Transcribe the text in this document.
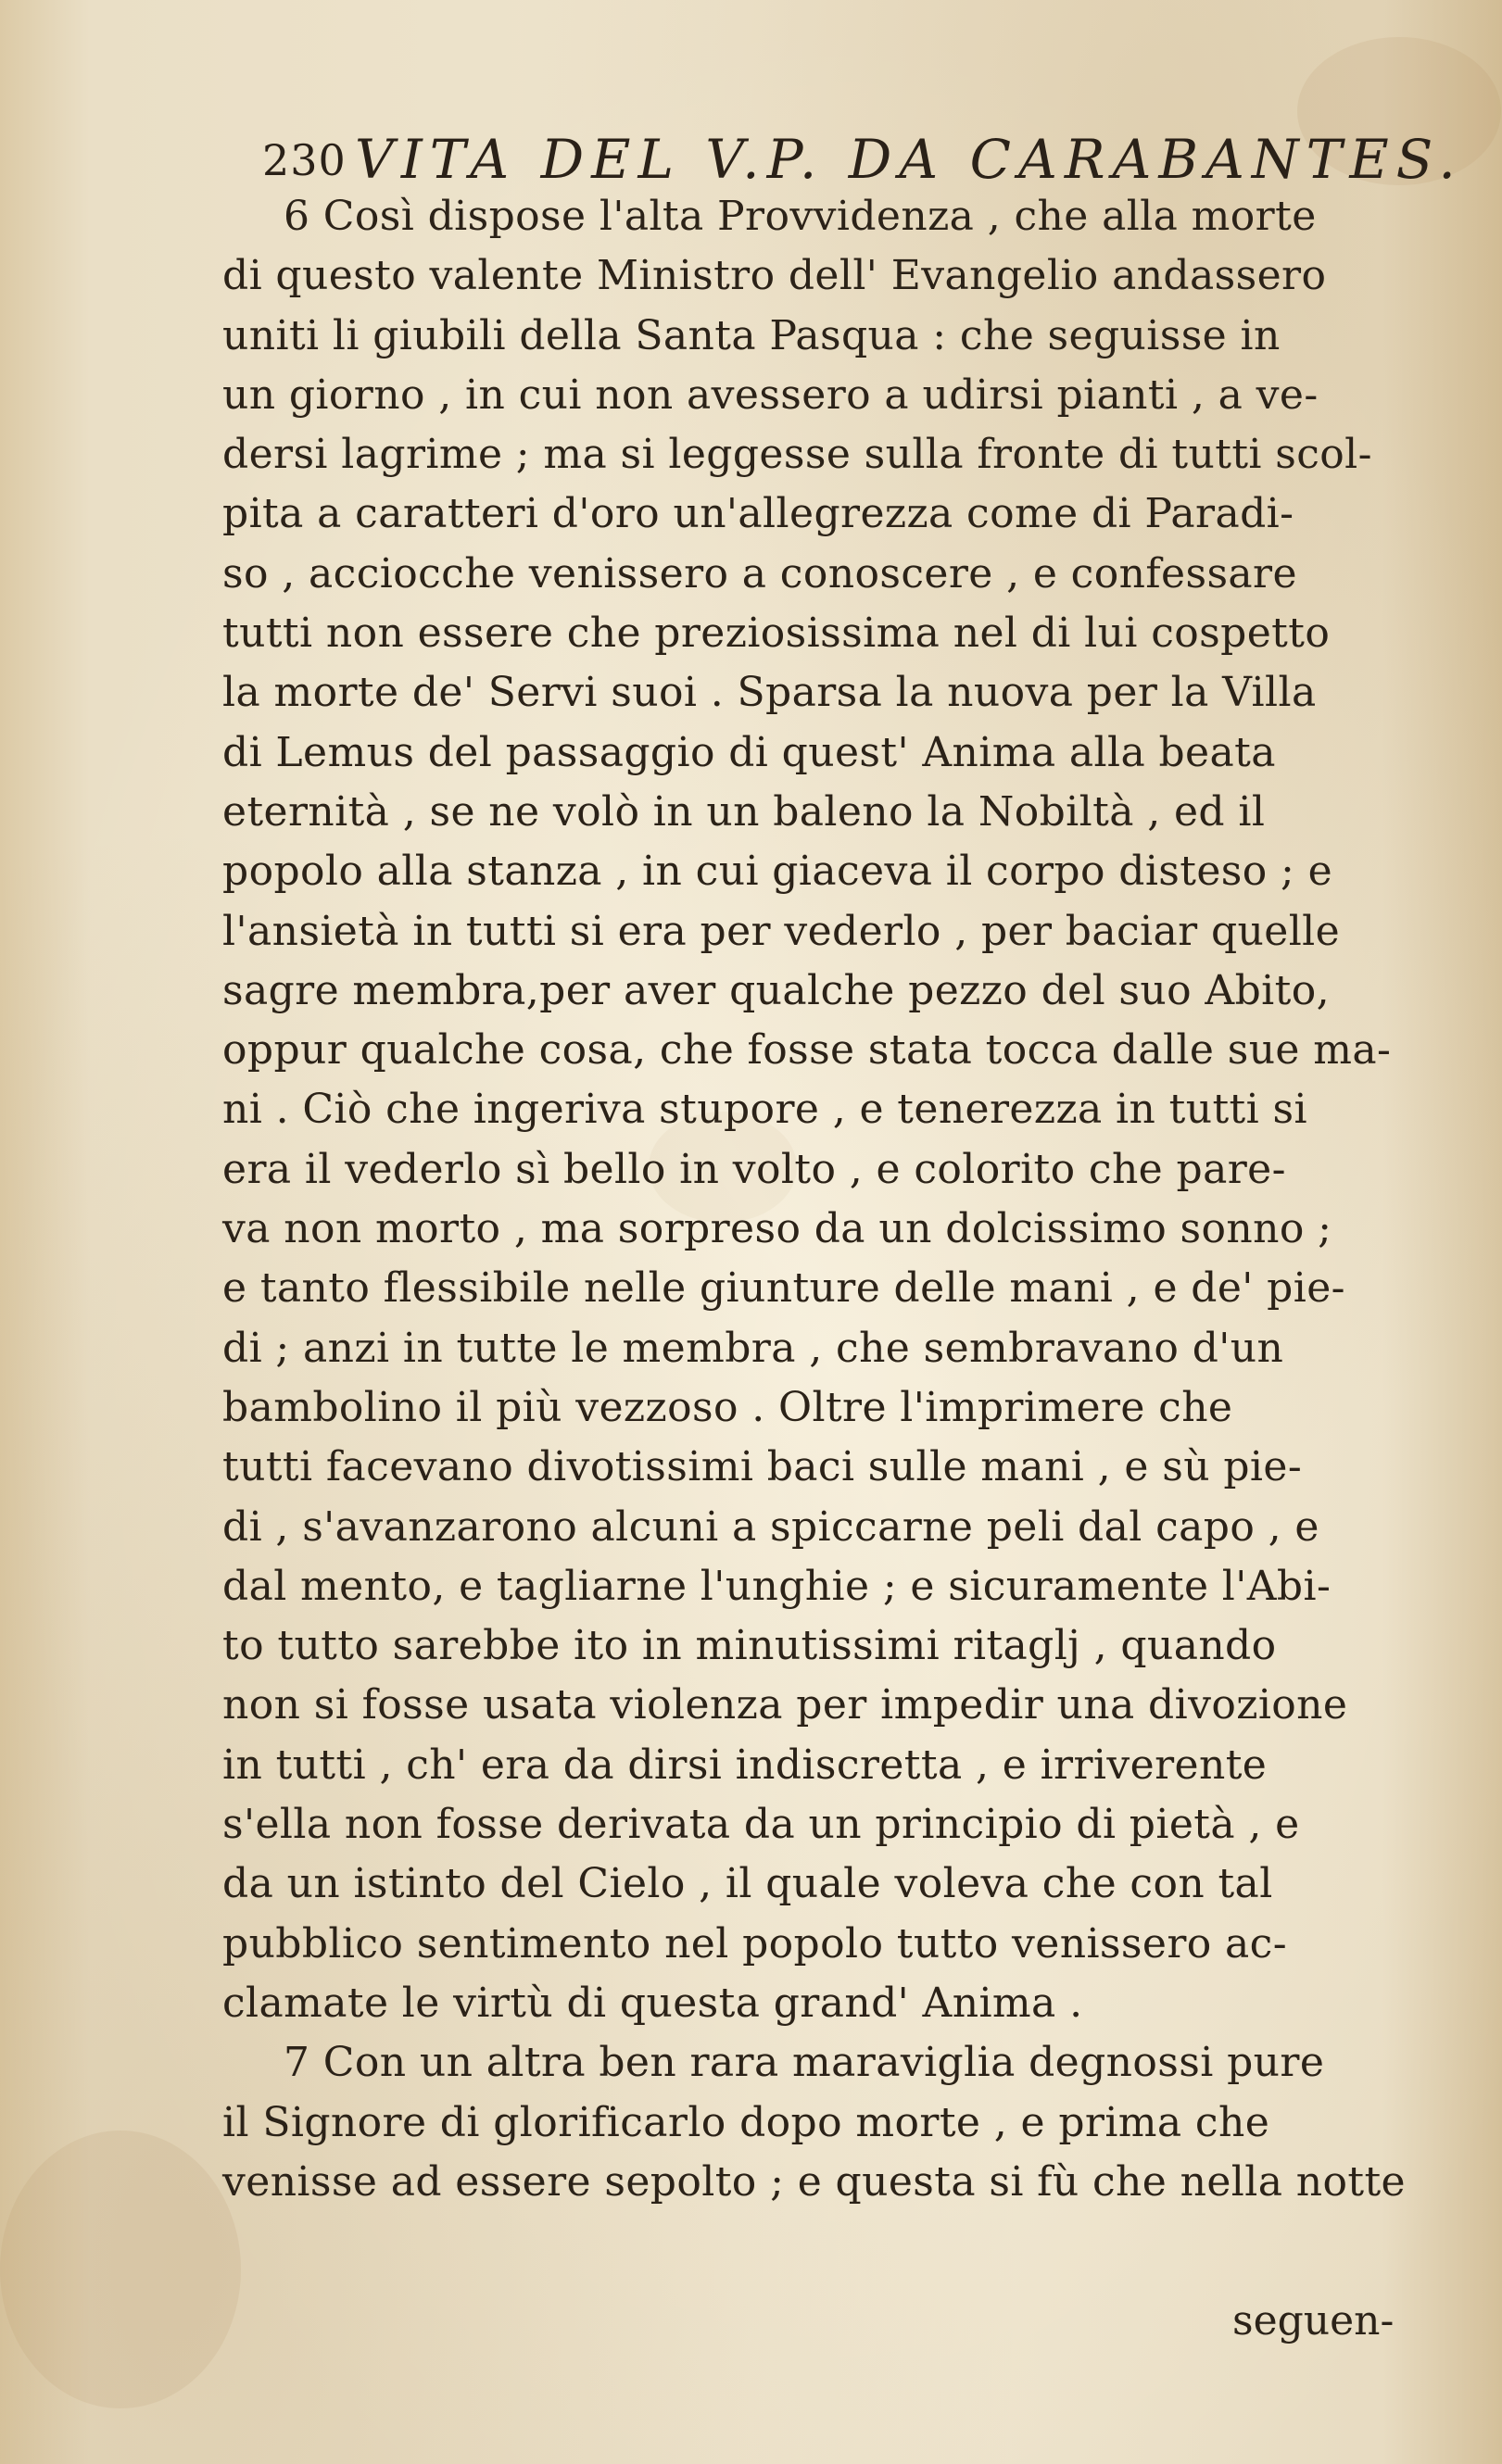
230 VITA DEL V.P. DA CARABANTES.
6 Così dispose l'alta Provvidenza , che alla morte
di questo valente Ministro dell' Evangelio andassero
uniti li giubili della Santa Pasqua : che seguisse in
un giorno , in cui non avessero a udirsi pianti , a ve-
dersi lagrime ; ma si leggesse sulla fronte di tutti scol-
pita a caratteri d'oro un'allegrezza come di Paradi-
so , acciocche venissero a conoscere , e confessare
tutti non essere che preziosissima nel di lui cospetto
la morte de' Servi suoi . Sparsa la nuova per la Villa
di Lemus del passaggio di quest' Anima alla beata
eternità , se ne volò in un baleno la Nobiltà , ed il
popolo alla stanza , in cui giaceva il corpo disteso ; e
l'ansietà in tutti si era per vederlo , per baciar quelle
sagre membra,per aver qualche pezzo del suo Abito,
oppur qualche cosa, che fosse stata tocca dalle sue ma-
ni . Ciò che ingeriva stupore , e tenerezza in tutti si
era il vederlo sì bello in volto , e colorito che pare-
va non morto , ma sorpreso da un dolcissimo sonno ;
e tanto flessibile nelle giunture delle mani , e de' pie-
di ; anzi in tutte le membra , che sembravano d'un
bambolino il più vezzoso . Oltre l'imprimere che
tutti facevano divotissimi baci sulle mani , e sù pie-
di , s'avanzarono alcuni a spiccarne peli dal capo , e
dal mento, e tagliarne l'unghie ; e sicuramente l'Abi-
to tutto sarebbe ito in minutissimi ritaglj , quando
non si fosse usata violenza per impedir una divozione
in tutti , ch' era da dirsi indiscretta , e irriverente
s'ella non fosse derivata da un principio di pietà , e
da un istinto del Cielo , il quale voleva che con tal
pubblico sentimento nel popolo tutto venissero ac-
clamate le virtù di questa grand' Anima .
7 Con un altra ben rara maraviglia degnossi pure
il Signore di glorificarlo dopo morte , e prima che
venisse ad essere sepolto ; e questa si fù che nella notte
seguen-
